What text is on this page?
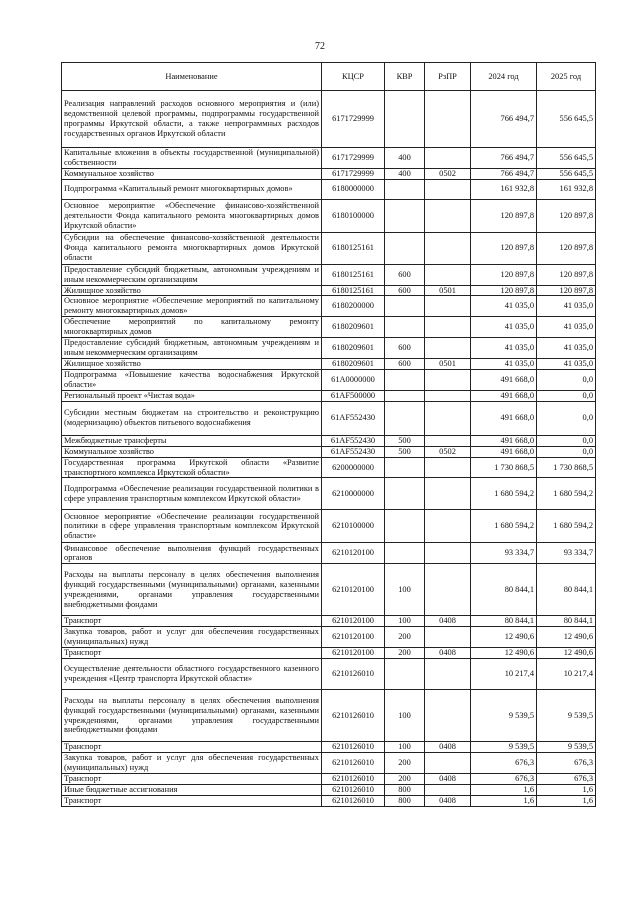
72
Наименование	КЦСР	КВР	РзПР	2024 год	2025 год
Реализация направлений расходов основного мероприятия и (или) ведомственной целевой программы, подпрограммы государственной программы Иркутской области, а также непрограммных расходов государственных органов Иркутской области	6171729999			766 494,7	556 645,5
Капитальные вложения в объекты государственной (муниципальной) собственности	6171729999	400		766 494,7	556 645,5
Коммунальное хозяйство	6171729999	400	0502	766 494,7	556 645,5
Подпрограмма «Капитальный ремонт многоквартирных домов»	6180000000			161 932,8	161 932,8
Основное мероприятие «Обеспечение финансово-хозяйственной деятельности Фонда капитального ремонта многоквартирных домов Иркутской области»	6180100000			120 897,8	120 897,8
Субсидии на обеспечение финансово-хозяйственной деятельности Фонда капитального ремонта многоквартирных домов Иркутской области	6180125161			120 897,8	120 897,8
Предоставление субсидий бюджетным, автономным учреждениям и иным некоммерческим организациям	6180125161	600		120 897,8	120 897,8
Жилищное хозяйство	6180125161	600	0501	120 897,8	120 897,8
Основное мероприятие «Обеспечение мероприятий по капитальному ремонту многоквартирных домов»	6180200000			41 035,0	41 035,0
Обеспечение мероприятий по капитальному ремонту многоквартирных домов	6180209601			41 035,0	41 035,0
Предоставление субсидий бюджетным, автономным учреждениям и иным некоммерческим организациям	6180209601	600		41 035,0	41 035,0
Жилищное хозяйство	6180209601	600	0501	41 035,0	41 035,0
Подпрограмма «Повышение качества водоснабжения Иркутской области»	61А0000000			491 668,0	0,0
Региональный проект «Чистая вода»	61АF500000			491 668,0	0,0
Субсидии местным бюджетам на строительство и реконструкцию (модернизацию) объектов питьевого водоснабжения	61АF552430			491 668,0	0,0
Межбюджетные трансферты	61АF552430	500		491 668,0	0,0
Коммунальное хозяйство	61АF552430	500	0502	491 668,0	0,0
Государственная программа Иркутской области «Развитие транспортного комплекса Иркутской области»	6200000000			1 730 868,5	1 730 868,5
Подпрограмма «Обеспечение реализации государственной политики в сфере управления транспортным комплексом Иркутской области»	6210000000			1 680 594,2	1 680 594,2
Основное мероприятие «Обеспечение реализации государственной политики в сфере управления транспортным комплексом Иркутской области»	6210100000			1 680 594,2	1 680 594,2
Финансовое обеспечение выполнения функций государственных органов	6210120100			93 334,7	93 334,7
Расходы на выплаты персоналу в целях обеспечения выполнения функций государственными (муниципальными) органами, казенными учреждениями, органами управления государственными внебюджетными фондами	6210120100	100		80 844,1	80 844,1
Транспорт	6210120100	100	0408	80 844,1	80 844,1
Закупка товаров, работ и услуг для обеспечения государственных (муниципальных) нужд	6210120100	200		12 490,6	12 490,6
Транспорт	6210120100	200	0408	12 490,6	12 490,6
Осуществление деятельности областного государственного казенного учреждения «Центр транспорта Иркутской области»	6210126010			10 217,4	10 217,4
Расходы на выплаты персоналу в целях обеспечения выполнения функций государственными (муниципальными) органами, казенными учреждениями, органами управления государственными внебюджетными фондами	6210126010	100		9 539,5	9 539,5
Транспорт	6210126010	100	0408	9 539,5	9 539,5
Закупка товаров, работ и услуг для обеспечения государственных (муниципальных) нужд	6210126010	200		676,3	676,3
Транспорт	6210126010	200	0408	676,3	676,3
Иные бюджетные ассигнования	6210126010	800		1,6	1,6
Транспорт	6210126010	800	0408	1,6	1,6
